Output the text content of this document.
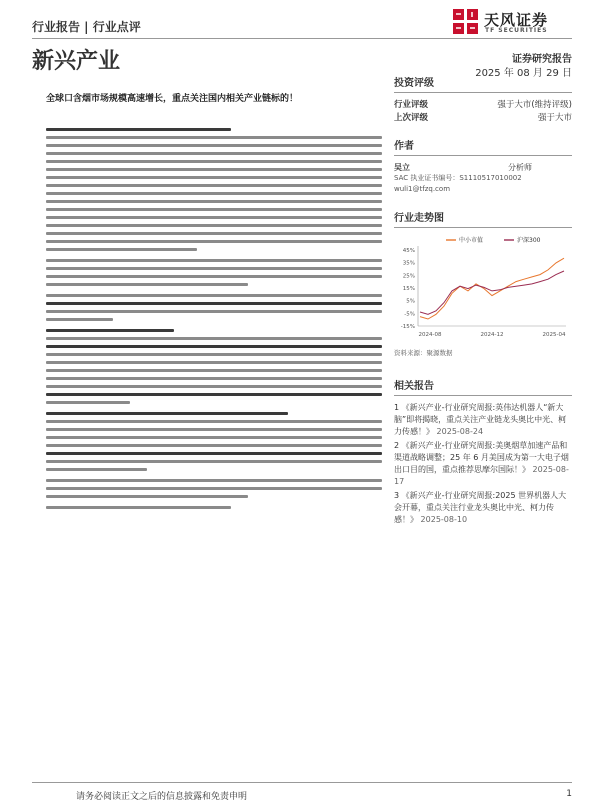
行业报告 | 行业点评	天风证券
TF SECURITIES
新兴产业	证券研究报告
2025 年 08 月 29 日
全球口含烟市场规模高速增长，重点关注国内相关产业链标的！
投资评级
行业评级	强于大市(维持评级)
上次评级	强于大市
作者
吴立	分析师
SAC 执业证书编号：S1110517010002
wuli1@tfzq.com
行业走势图
45%
35%
25%
15%
5%
-5%
-15%
2024-08	2024-12	2025-04
中小市值	沪深300
资料来源：聚源数据
相关报告
1 《新兴产业-行业研究周报:英伟达机器人“新大脑”即将揭晓，重点关注产业链龙头奥比中光、柯力传感！》 2025-08-24
2 《新兴产业-行业研究周报:美奥烟草加速产品和渠道战略调整；25 年 6 月美国成为第一大电子烟出口目的国，重点推荐思摩尔国际！》 2025-08-17
3 《新兴产业-行业研究周报:2025 世界机器人大会开幕，重点关注行业龙头奥比中光、柯力传感！》 2025-08-10
请务必阅读正文之后的信息披露和免责申明	1
